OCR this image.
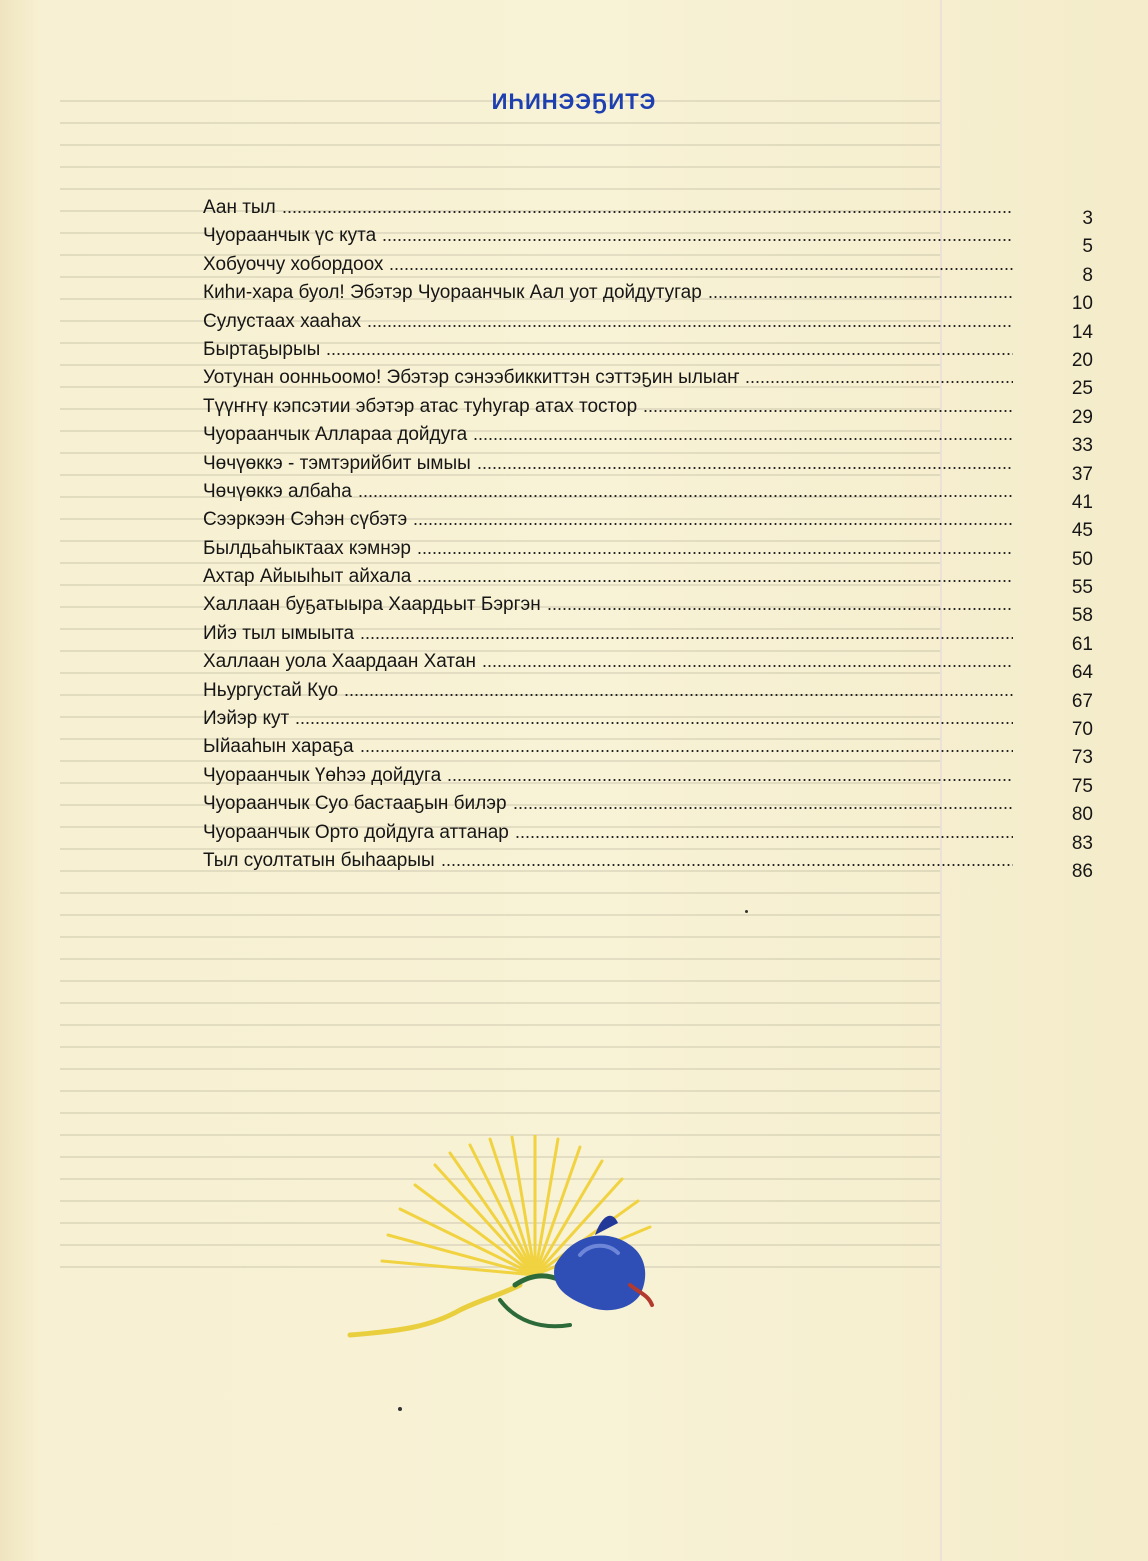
ИҺИНЭЭҔИТЭ
Аан тыл
3
Чуораанчык үс кута
5
Хобуоччу хобордоох
8
Киһи-хара буол! Эбэтэр Чуораанчык Аал уот дойдутугар
10
Сулустаах хааһах
14
Быртаҕырыы
20
Уотунан оонньоомо! Эбэтэр сэнээбиккиттэн сэттэҕин ылыаҥ
25
Түүҥҥү кэпсэтии эбэтэр атас туһугар атах тостор
29
Чуораанчык Алларaa дойдуга
33
Чөчүөккэ - тэмтэрийбит ымыы
37
Чөчүөккэ албаһа
41
Сээркээн Сэһэн сүбэтэ
45
Былдьаһыктаах кэмнэр
50
Ахтар Айыыһыт айхала
55
Халлаан буҕатыыра Хаардьыт Бэргэн
58
Ийэ тыл ымыыта
61
Халлаан уола Хаардаан Хатан
64
Ньургустай Куо
67
Иэйэр кут
70
Ыйааһын хараҕа
73
Чуораанчык Үөһээ дойдуга
75
Чуораанчык Суо бастааҕын билэр
80
Чуораанчык Орто дойдуга аттанар
83
Тыл суолтатын быһаарыы
86
